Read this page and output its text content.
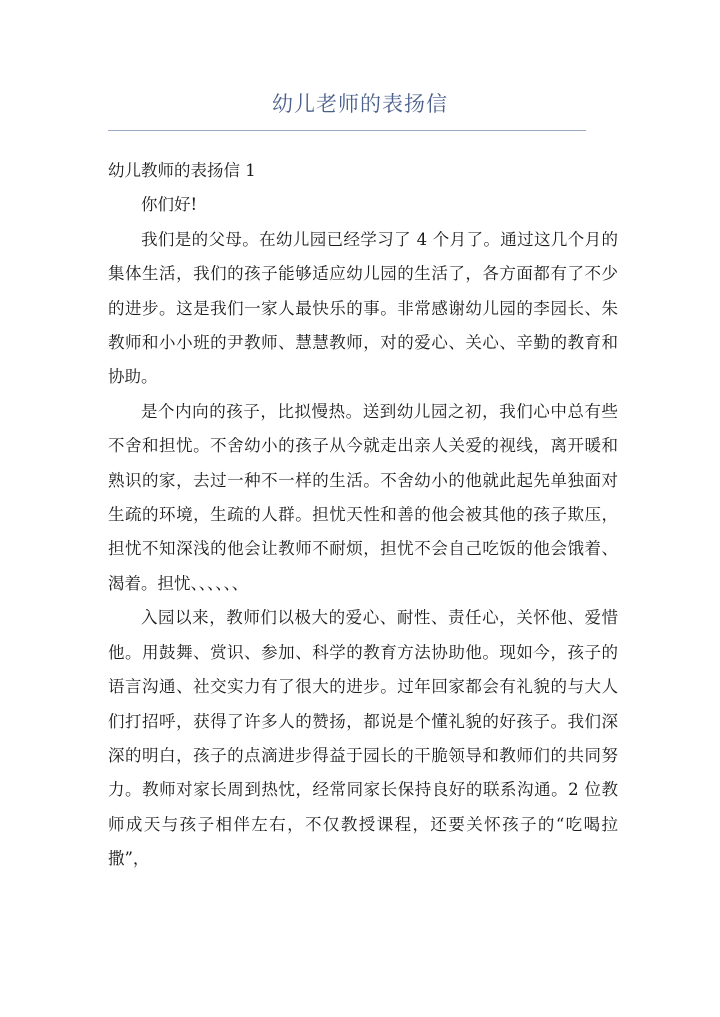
幼儿老师的表扬信

幼儿教师的表扬信 1

你们好!

我们是的父母。在幼儿园已经学习了 4 个月了。通过这几个月的集体生活，我们的孩子能够适应幼儿园的生活了，各方面都有了不少的进步。这是我们一家人最快乐的事。非常感谢幼儿园的李园长、朱教师和小小班的尹教师、慧慧教师，对的爱心、关心、辛勤的教育和协助。

是个内向的孩子，比拟慢热。送到幼儿园之初，我们心中总有些不舍和担忧。不舍幼小的孩子从今就走出亲人关爱的视线，离开暖和熟识的家，去过一种不一样的生活。不舍幼小的他就此起先单独面对生疏的环境，生疏的人群。担忧天性和善的他会被其他的孩子欺压，担忧不知深浅的他会让教师不耐烦，担忧不会自己吃饭的他会饿着、渴着。担忧、、、、、、

入园以来，教师们以极大的爱心、耐性、责任心，关怀他、爱惜他。用鼓舞、赏识、参加、科学的教育方法协助他。现如今，孩子的语言沟通、社交实力有了很大的进步。过年回家都会有礼貌的与大人们打招呼，获得了许多人的赞扬，都说是个懂礼貌的好孩子。我们深深的明白，孩子的点滴进步得益于园长的干脆领导和教师们的共同努力。教师对家长周到热忱，经常同家长保持良好的联系沟通。2 位教师成天与孩子相伴左右，不仅教授课程，还要关怀孩子的“吃喝拉撒”，
